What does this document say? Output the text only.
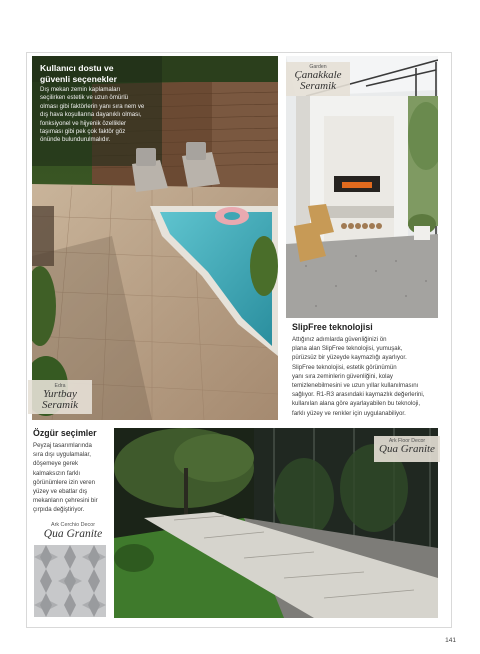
Kullanıcı dostu ve
güvenli seçenekler
Dış mekan zemin kaplamaları
seçilirken estetik ve uzun ömürlü
olması gibi faktörlerin yanı sıra nem ve
dış hava koşullarına dayanıklı olması,
fonksiyonel ve hijyenik özellikler
taşıması gibi pek çok faktör göz
önünde bulundurulmalıdır.
Edra
Yurtbay
Seramik
Garden
Çanakkale
Seramik
SlipFree teknolojisi
Attığınız adımlarda güvenliğinizi ön
plana alan SlipFree teknolojisi, yumuşak,
pürüzsüz bir yüzeyde kaymazlığı ayarlıyor.
SlipFree teknolojisi, estetik görünümün
yanı sıra zeminlerin güvenliğini, kolay
temizlenebilmesini ve uzun yıllar kullanılmasını
sağlıyor. R1-R3 arasındaki kaymazlık değerlerini,
kullanılan alana göre ayarlayabilen bu teknoloji,
farklı yüzey ve renkler için uygulanabiliyor.
Özgür seçimler
Peyzaj tasarımlarında
sıra dışı uygulamalar,
döşemeye gerek
kalmaksızın farklı
görünümlere izin veren
yüzey ve ebatlar dış
mekanların çehresini bir
çırpıda değiştiriyor.
Ark Cerchio Decor
Qua Granite
Ark Floor Decor
Qua Granite
141
